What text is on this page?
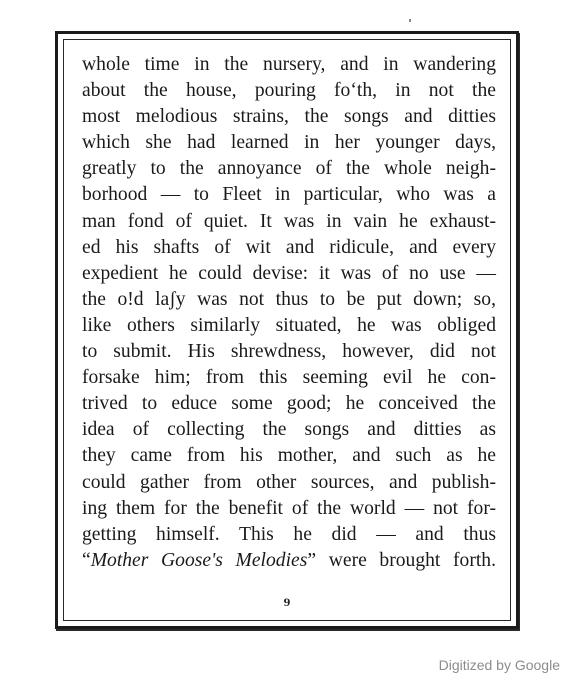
whole time in the nursery, and in wandering
about the house, pouring foʻth, in not the
most melodious strains, the songs and ditties
which she had learned in her younger days,
greatly to the annoyance of the whole neigh-
borhood — to Fleet in particular, who was a
man fond of quiet. It was in vain he exhaust-
ed his shafts of wit and ridicule, and every
expedient he could devise: it was of no use —
the o!d laʃy was not thus to be put down; so,
like others similarly situated, he was obliged
to submit. His shrewdness, however, did not
forsake him; from this seeming evil he con-
trived to educe some good; he conceived the
idea of collecting the songs and ditties as
they came from his mother, and such as he
could gather from other sources, and publish-
ing them for the benefit of the world — not for-
getting himself. This he did — and thus
“Mother Goose's Melodies” were brought forth.
9
Digitized by Google
